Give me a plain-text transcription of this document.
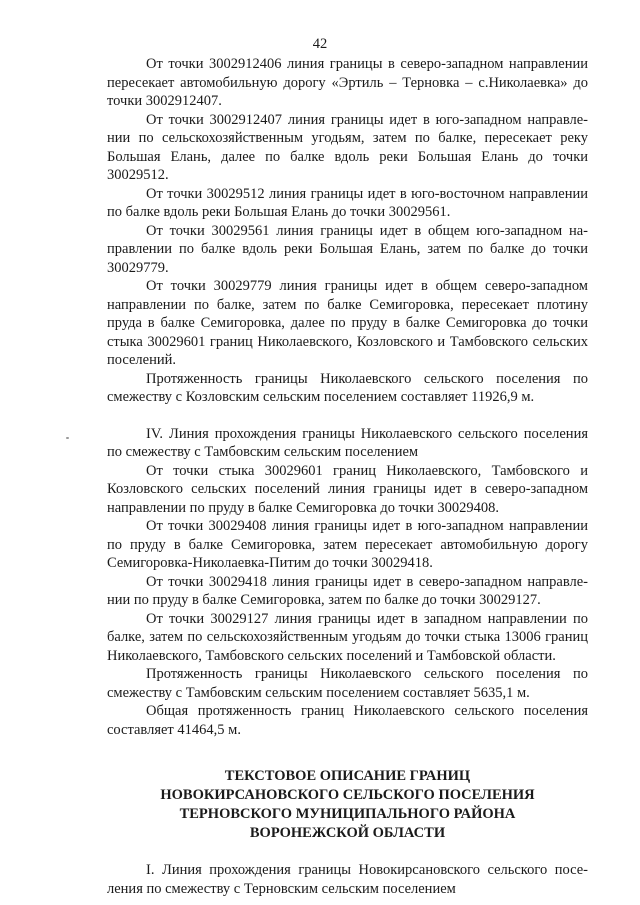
42

От точки 3002912406 линия границы в северо-западном направлении пересекает автомобильную дорогу «Эртиль – Терновка – с.Николаевка» до точки 3002912407.

От точки 3002912407 линия границы идет в юго-западном направлении по сельскохозяйственным угодьям, затем по балке, пересекает реку Большая Елань, далее по балке вдоль реки Большая Елань до точки 30029512.

От точки 30029512 линия границы идет в юго-восточном направлении по балке вдоль реки Большая Елань до точки 30029561.

От точки 30029561 линия границы идет в общем юго-западном направлении по балке вдоль реки Большая Елань, затем по балке до точки 30029779.

От точки 30029779 линия границы идет в общем северо-западном направлении по балке, затем по балке Семигоровка, пересекает плотину пруда в балке Семигоровка, далее по пруду в балке Семигоровка до точки стыка 30029601 границ Николаевского, Козловского и Тамбовского сельских поселений.

Протяженность границы Николаевского сельского поселения по смежеству с Козловским сельским поселением составляет 11926,9 м.

IV. Линия прохождения границы Николаевского сельского поселения по смежеству с Тамбовским сельским поселением

От точки стыка 30029601 границ Николаевского, Тамбовского и Козловского сельских поселений линия границы идет в северо-западном направлении по пруду в балке Семигоровка до точки 30029408.

От точки 30029408 линия границы идет в юго-западном направлении по пруду в балке Семигоровка, затем пересекает автомобильную дорогу Семигоровка-Николаевка-Питим до точки 30029418.

От точки 30029418 линия границы идет в северо-западном направлении по пруду в балке Семигоровка, затем по балке до точки 30029127.

От точки 30029127 линия границы идет в западном направлении по балке, затем по сельскохозяйственным угодьям до точки стыка 13006 границ Николаевского, Тамбовского сельских поселений и Тамбовской области.

Протяженность границы Николаевского сельского поселения по смежеству с Тамбовским сельским поселением составляет 5635,1 м.

Общая протяженность границ Николаевского сельского поселения составляет 41464,5 м.

ТЕКСТОВОЕ ОПИСАНИЕ ГРАНИЦ
НОВОКИРСАНОВСКОГО СЕЛЬСКОГО ПОСЕЛЕНИЯ
ТЕРНОВСКОГО МУНИЦИПАЛЬНОГО РАЙОНА
ВОРОНЕЖСКОЙ ОБЛАСТИ

I. Линия прохождения границы Новокирсановского сельского поселения по смежеству с Терновским сельским поселением
